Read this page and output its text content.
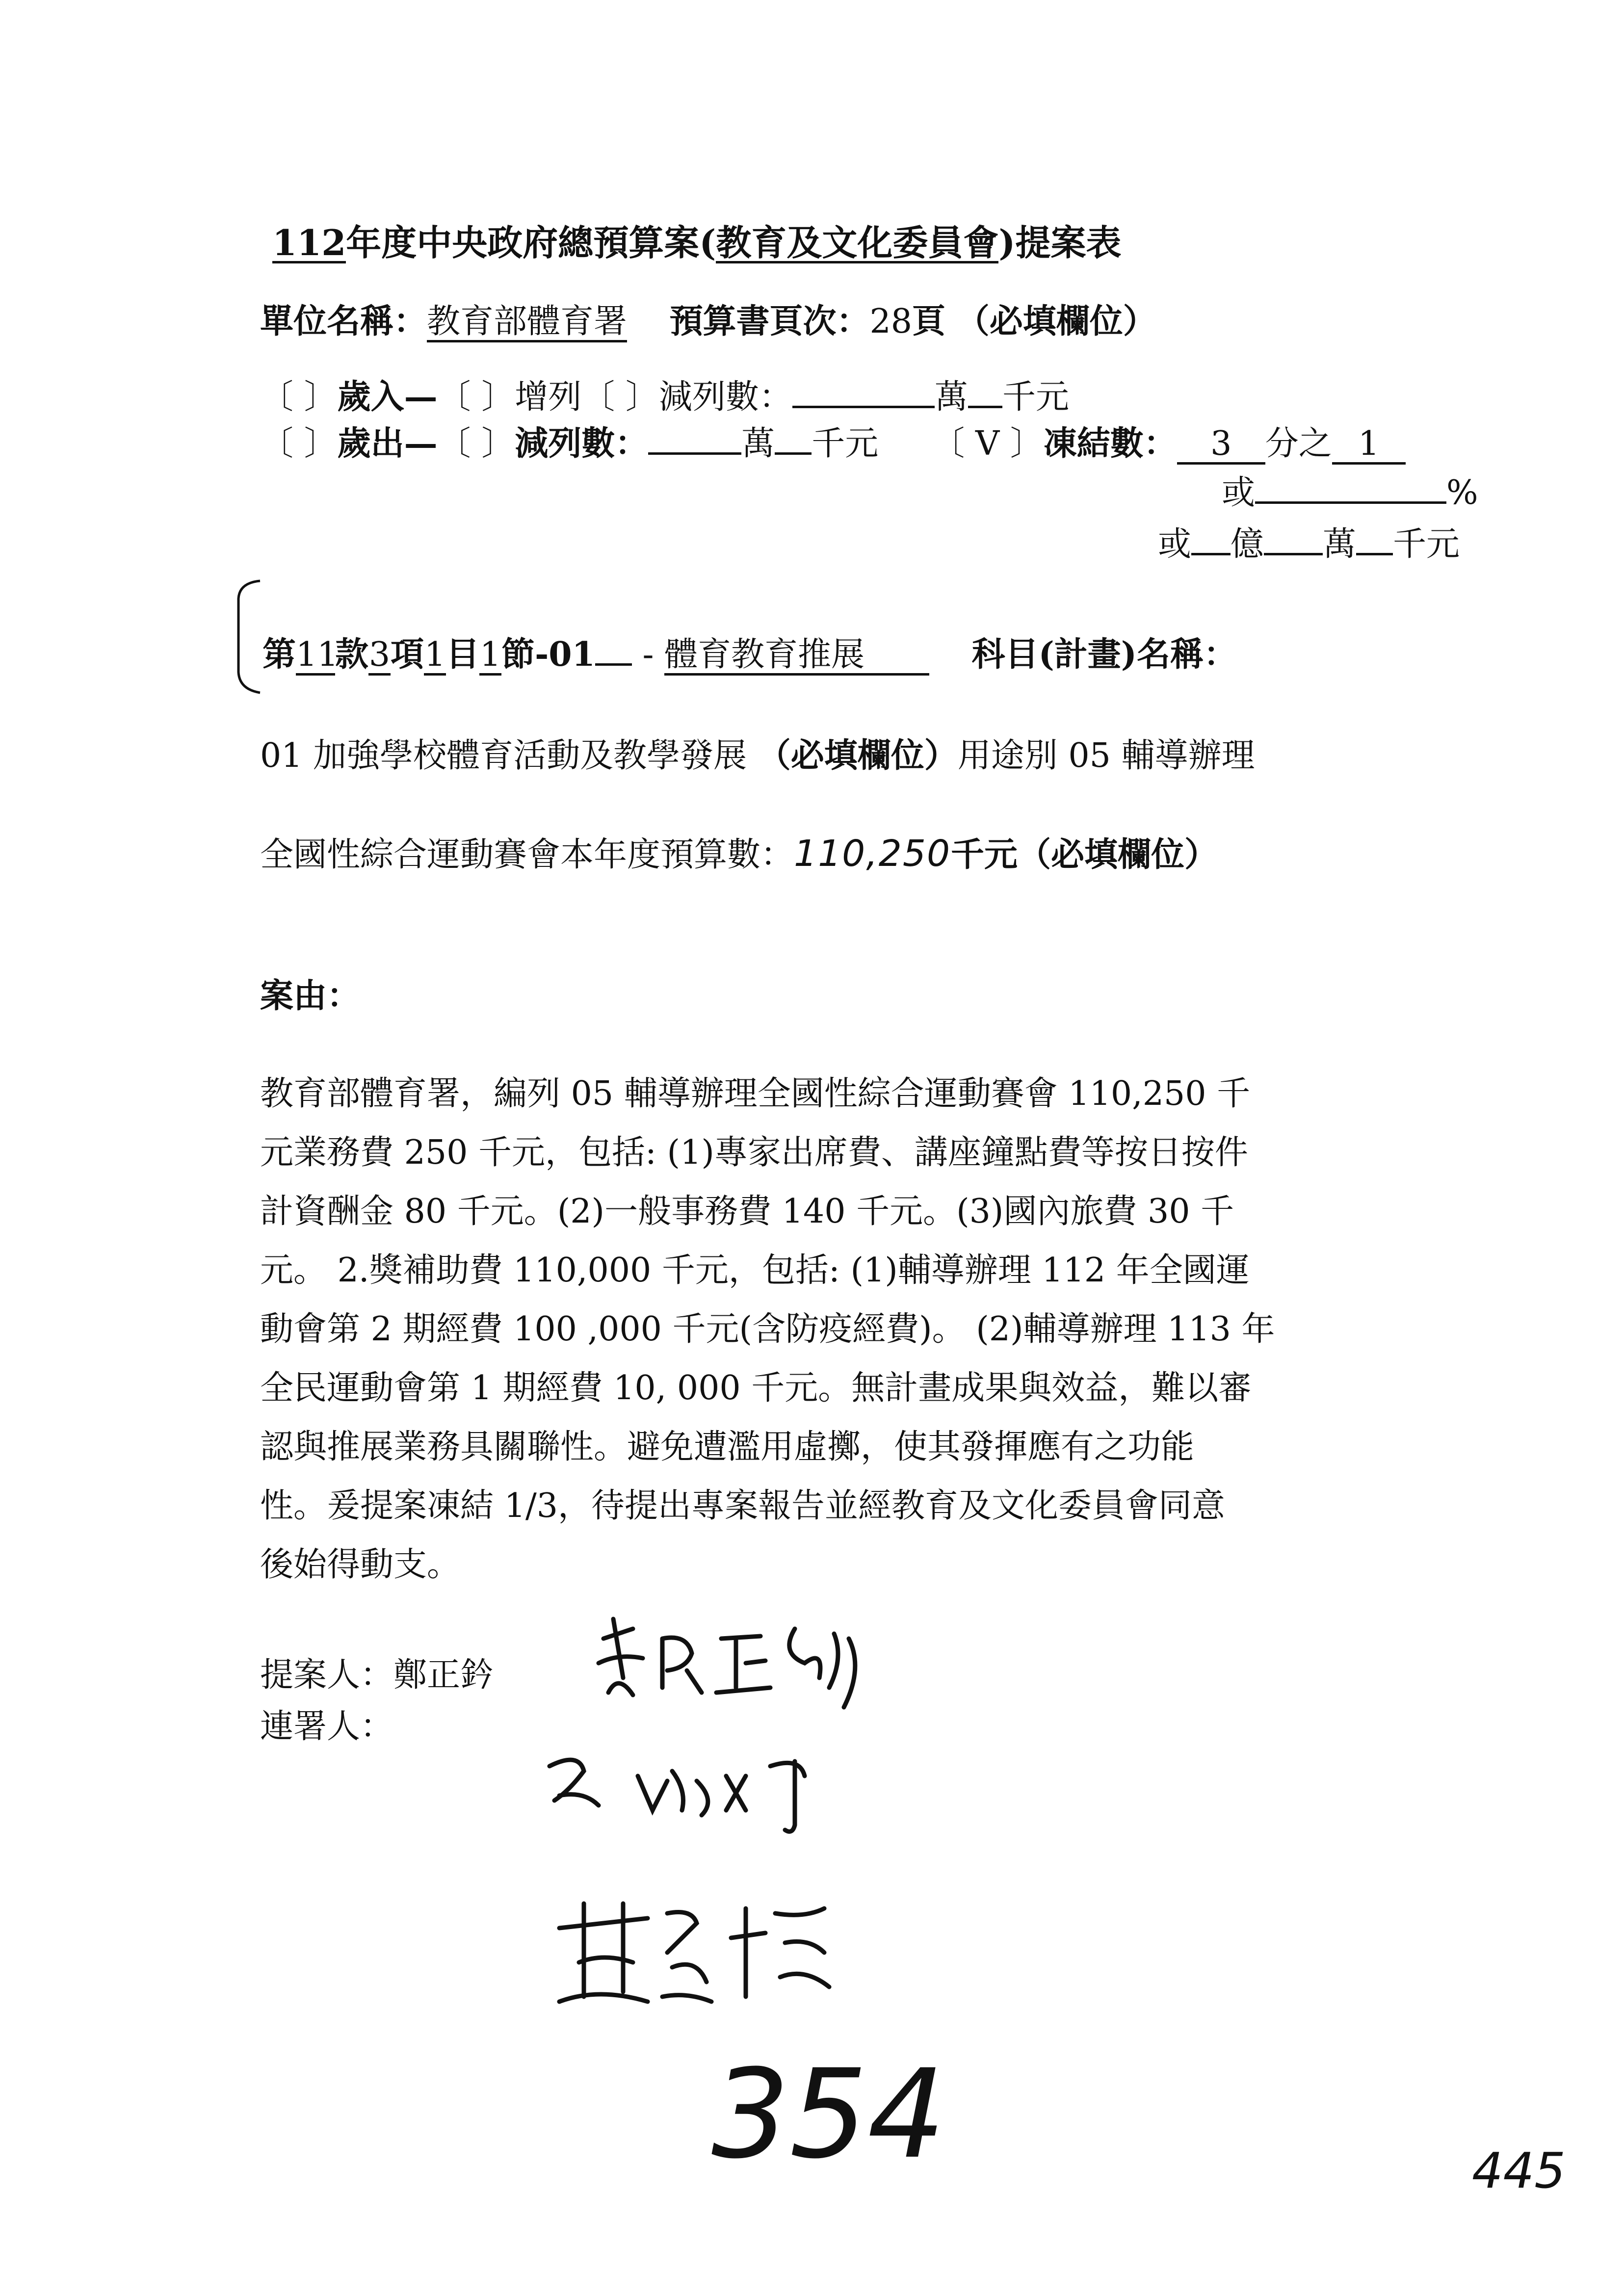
112年度中央政府總預算案(教育及文化委員會)提案表
單位名稱：教育部體育署 預算書頁次：28頁 （必填欄位）
〔 〕歲入—〔 〕增列〔 〕減列數：	萬 千元
〔 〕歲出—〔 〕減列數：	萬 千元 〔 V 〕凍結數： 3 分之 1
或	%
或 億 萬 千元
第11款3項1目1節-01 - 體育教育推展	科目(計畫)名稱：
01 加強學校體育活動及教學發展 （必填欄位）用途別 05 輔導辦理
全國性綜合運動賽會本年度預算數：110,250千元（必填欄位）
案由：
教育部體育署，編列 05 輔導辦理全國性綜合運動賽會 110,250 千
元業務費 250 千元，包括: (1)專家出席費、講座鐘點費等按日按件
計資酬金 80 千元。(2)一般事務費 140 千元。(3)國內旅費 30 千
元。 2.獎補助費 110,000 千元，包括: (1)輔導辦理 112 年全國運
動會第 2 期經費 100 ,000 千元(含防疫經費)。 (2)輔導辦理 113 年
全民運動會第 1 期經費 10, 000 千元。無計畫成果與效益，難以審
認與推展業務具關聯性。避免遭濫用虛擲，使其發揮應有之功能
性。爰提案凍結 1/3，待提出專案報告並經教育及文化委員會同意
後始得動支。
提案人：鄭正鈐
連署人：
354	445
